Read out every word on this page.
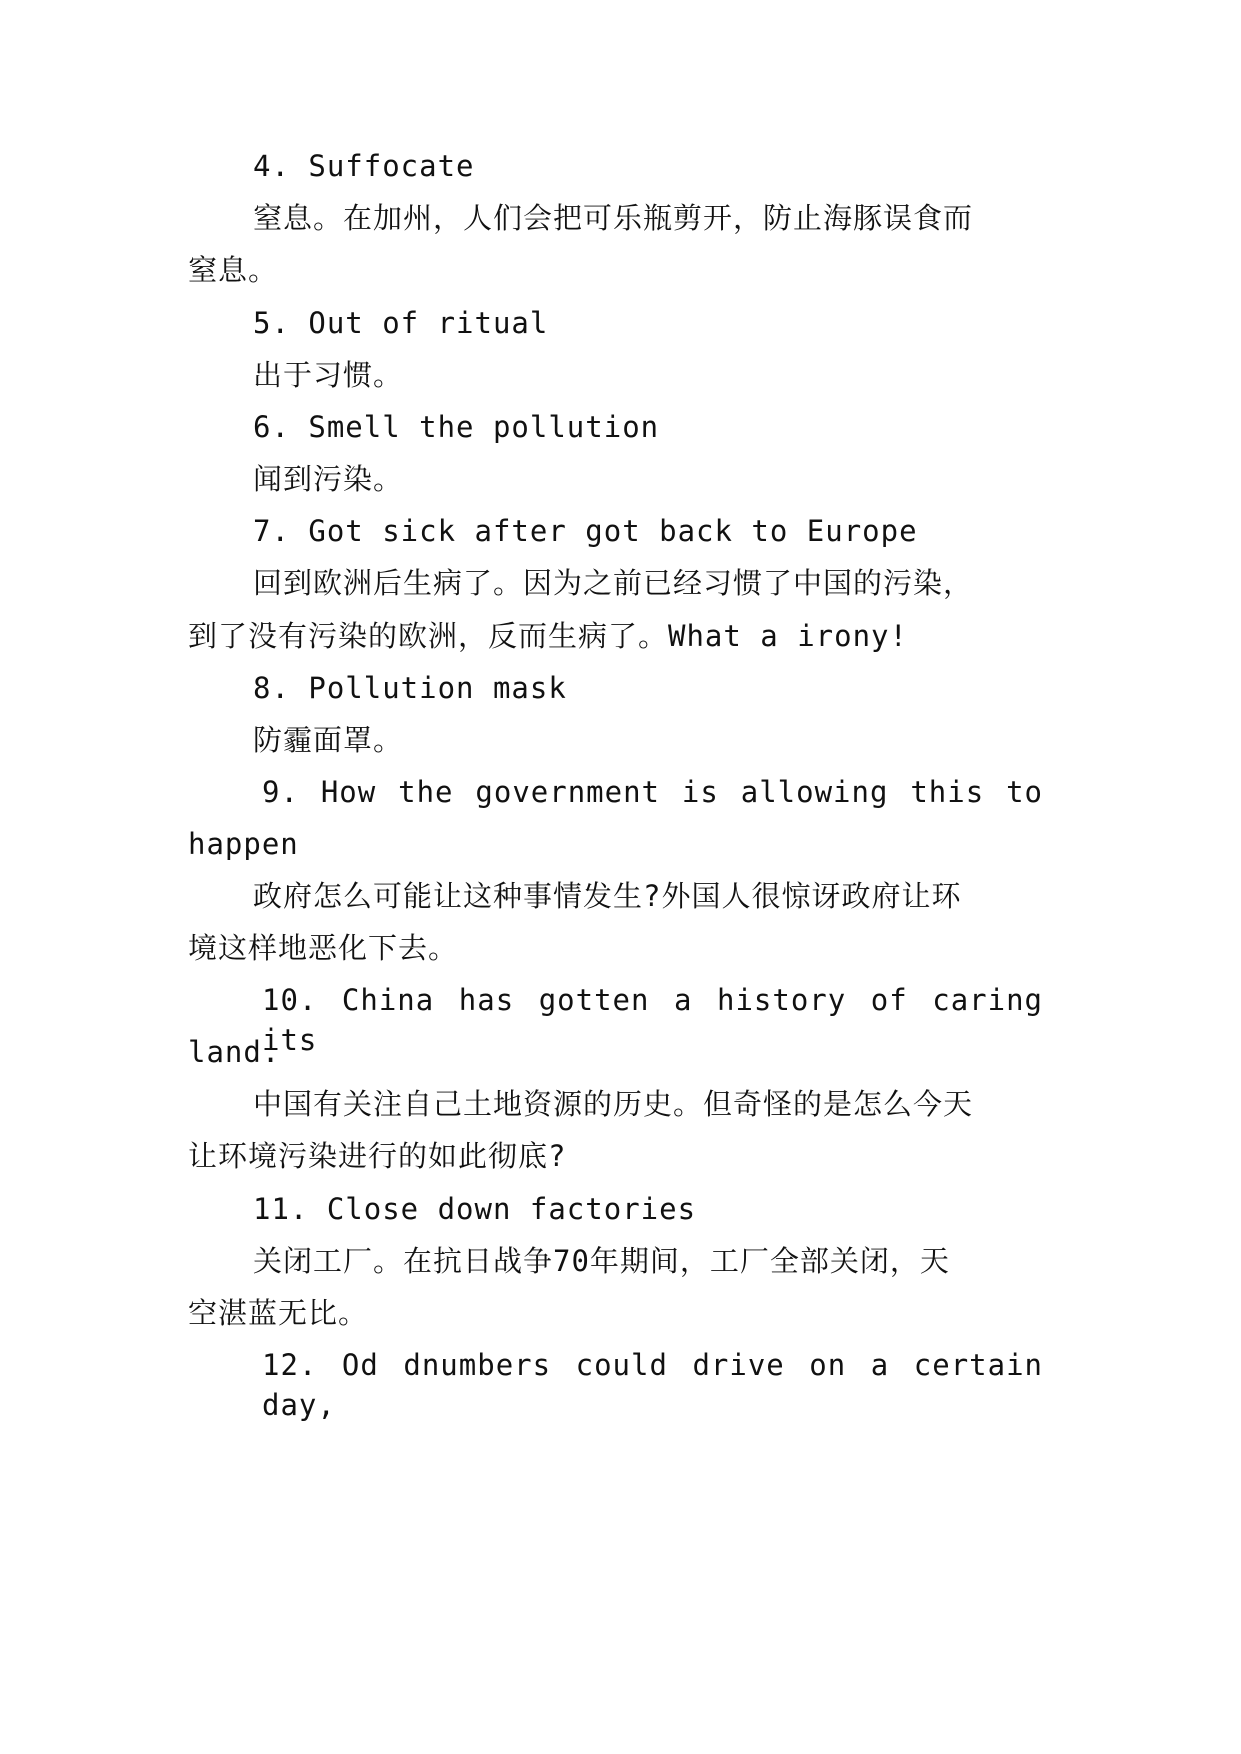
4. Suffocate
窒息。在加州，人们会把可乐瓶剪开，防止海豚误食而
窒息。
5. Out of ritual
出于习惯。
6. Smell the pollution
闻到污染。
7. Got sick after got back to Europe
回到欧洲后生病了。因为之前已经习惯了中国的污染，
到了没有污染的欧洲，反而生病了。What a irony!
8. Pollution mask
防霾面罩。
9. How the government is allowing this to
happen
政府怎么可能让这种事情发生?外国人很惊讶政府让环
境这样地恶化下去。
10. China has gotten a history of caring its
land.
中国有关注自己土地资源的历史。但奇怪的是怎么今天
让环境污染进行的如此彻底?
11. Close down factories
关闭工厂。在抗日战争70年期间，工厂全部关闭，天
空湛蓝无比。
12. Od dnumbers could drive on a certain day,
